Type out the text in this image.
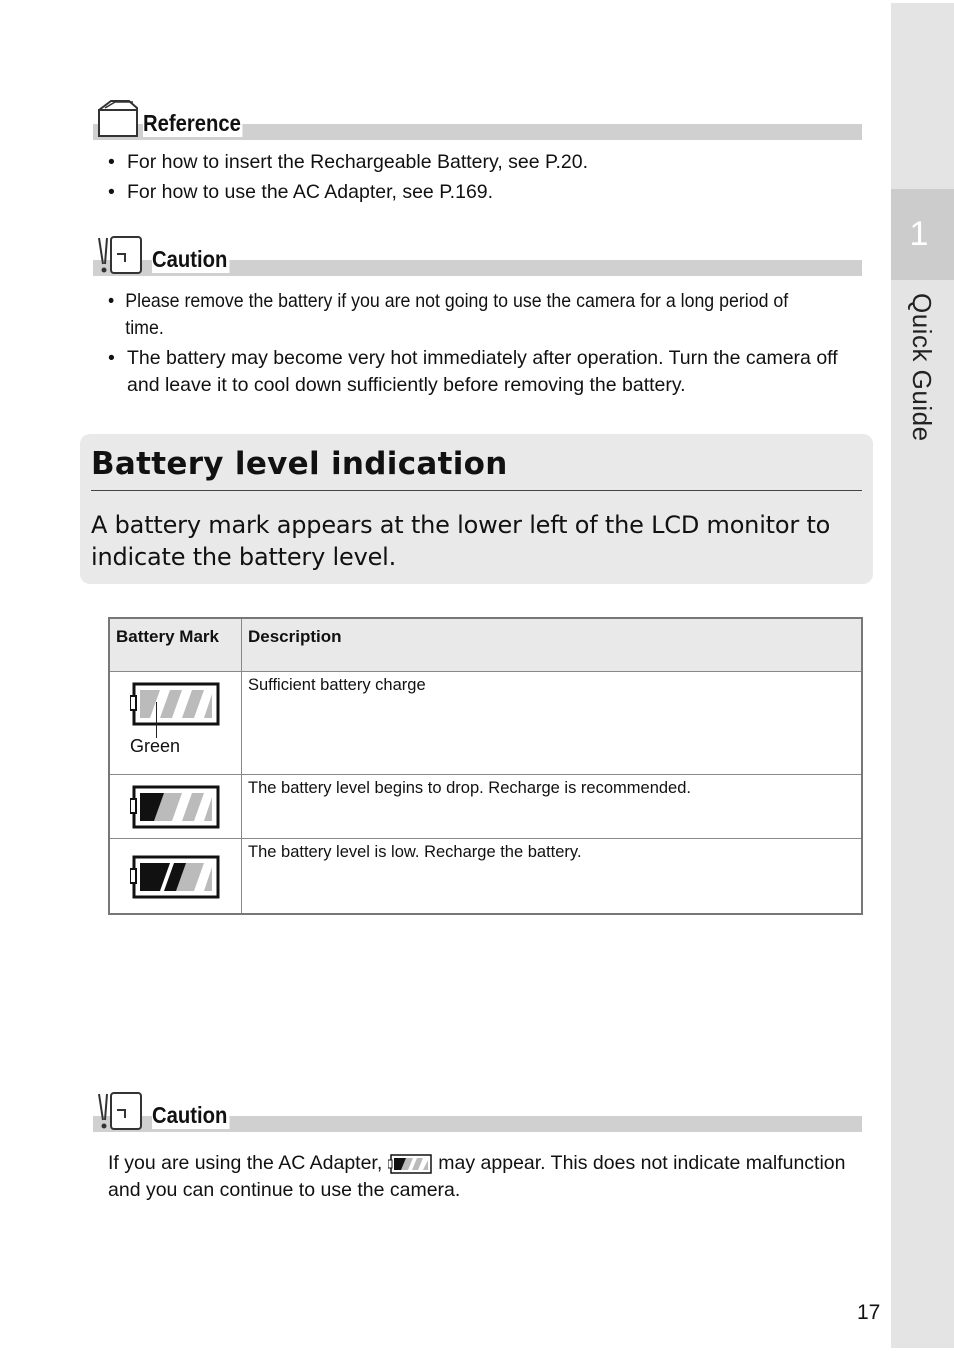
1
Quick Guide
Reference
• For how to insert the Rechargeable Battery, see P.20.
• For how to use the AC Adapter, see P.169.
Caution
• Please remove the battery if you are not going to use the camera for a long period of time.
• The battery may become very hot immediately after operation. Turn the camera off and leave it to cool down sufficiently before removing the battery.
Battery level indication
A battery mark appears at the lower left of the LCD monitor to indicate the battery level.
Battery Mark	Description

Green	Sufficient battery charge

	The battery level begins to drop. Recharge is recommended.

	The battery level is low. Recharge the battery.
Caution
If you are using the AC Adapter,	may appear. This does not indicate malfunction and you can continue to use the camera.
17
